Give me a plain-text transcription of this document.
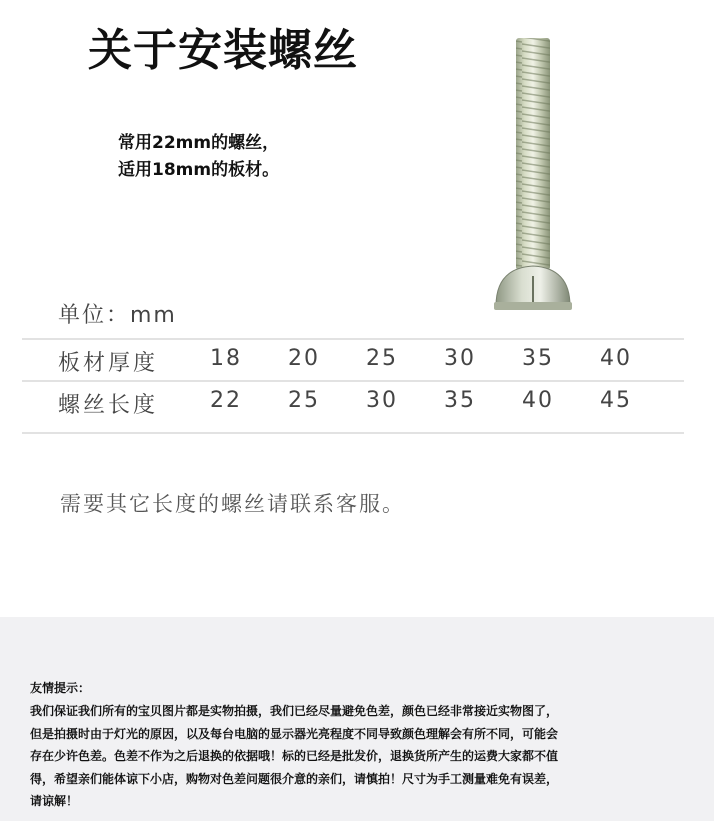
关于安装螺丝
常用22mm的螺丝，
适用18mm的板材。
单位：mm
板材厚度 18 20 25 30 35 40
螺丝长度 22 25 30 35 40 45
需要其它长度的螺丝请联系客服。
友情提示：
我们保证我们所有的宝贝图片都是实物拍摄，我们已经尽量避免色差，颜色已经非常接近实物图了，
但是拍摄时由于灯光的原因，以及每台电脑的显示器光亮程度不同导致颜色理解会有所不同，可能会
存在少许色差。色差不作为之后退换的依据哦！标的已经是批发价，退换货所产生的运费大家都不值
得，希望亲们能体谅下小店，购物对色差问题很介意的亲们，请慎拍！尺寸为手工测量难免有误差，
请谅解！
